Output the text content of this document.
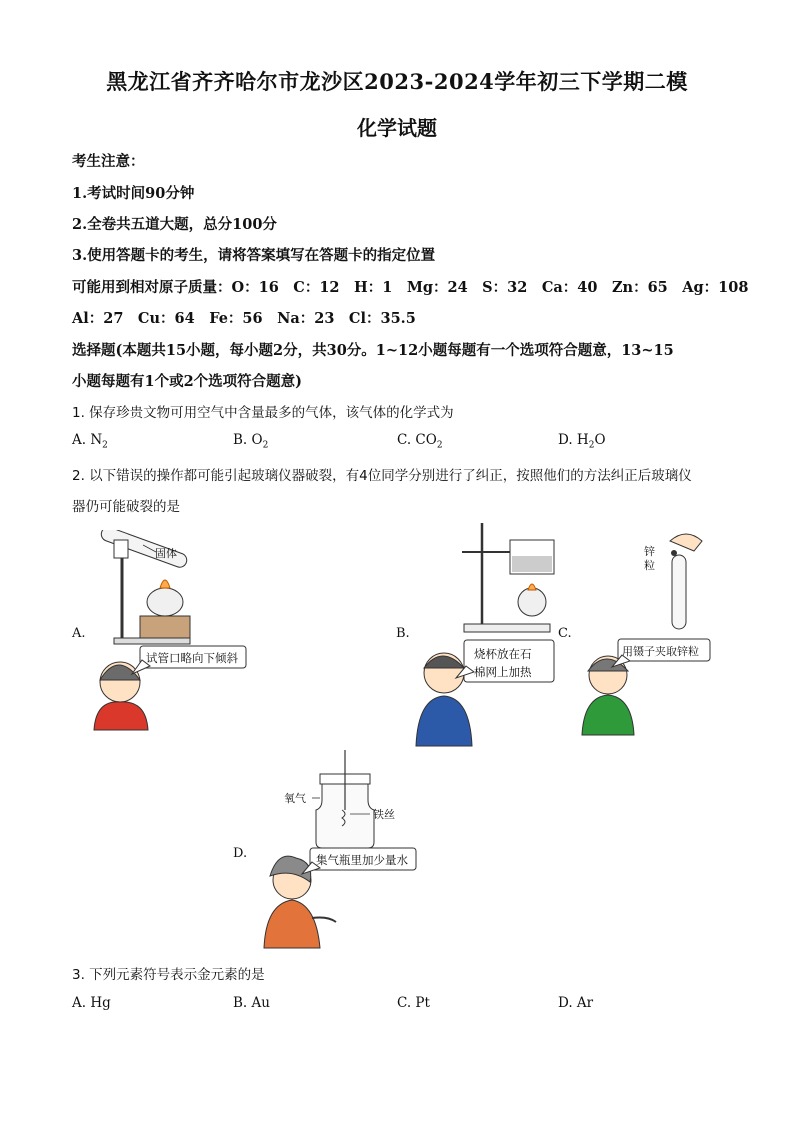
黑龙江省齐齐哈尔市龙沙区2023-2024学年初三下学期二模
化学试题
考生注意：
1.考试时间90分钟
2.全卷共五道大题，总分100分
3.使用答题卡的考生，请将答案填写在答题卡的指定位置
可能用到相对原子质量：O：16　C：12　H：1　Mg：24　S：32　Ca：40　Zn：65　Ag：108
Al：27　Cu：64　Fe：56　Na：23　Cl：35.5
选择题(本题共15小题，每小题2分，共30分。1~12小题每题有一个选项符合题意，13~15
小题每题有1个或2个选项符合题意)
1. 保存珍贵文物可用空气中含量最多的气体，该气体的化学式为
A. $N_2$	B. $O_2$	C. $CO_2$	D. $H_2O$
2. 以下错误的操作都可能引起玻璃仪器破裂，有4位同学分别进行了纠正，按照他们的方法纠正后玻璃仪
器仍可能破裂的是
A.
固体
试管口略向下倾斜
B.
烧杯放在石
棉网上加热
C.
锌
粒
用镊子夹取锌粒
D.
氧气
铁丝
集气瓶里加少量水
3. 下列元素符号表示金元素的是
A. Hg	B. Au	C. Pt	D. Ar
